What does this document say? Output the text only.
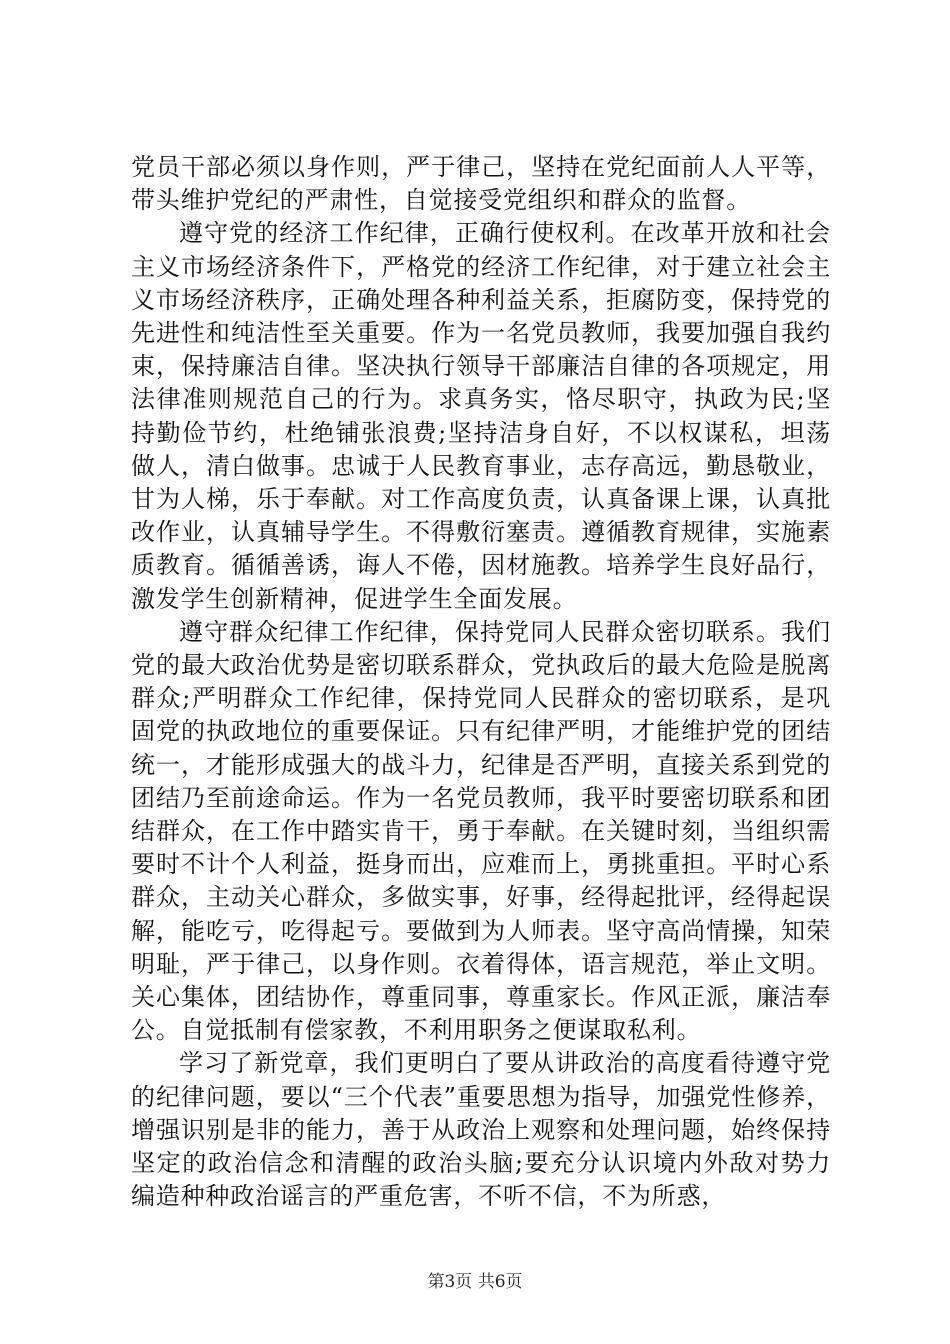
党员干部必须以身作则，严于律己，坚持在党纪面前人人平等，带头维护党纪的严肃性，自觉接受党组织和群众的监督。

遵守党的经济工作纪律，正确行使权利。在改革开放和社会主义市场经济条件下，严格党的经济工作纪律，对于建立社会主义市场经济秩序，正确处理各种利益关系，拒腐防变，保持党的先进性和纯洁性至关重要。作为一名党员教师，我要加强自我约束，保持廉洁自律。坚决执行领导干部廉洁自律的各项规定，用法律准则规范自己的行为。求真务实，恪尽职守，执政为民;坚持勤俭节约，杜绝铺张浪费;坚持洁身自好，不以权谋私，坦荡做人，清白做事。忠诚于人民教育事业，志存高远，勤恳敬业，甘为人梯，乐于奉献。对工作高度负责，认真备课上课，认真批改作业，认真辅导学生。不得敷衍塞责。遵循教育规律，实施素质教育。循循善诱，诲人不倦，因材施教。培养学生良好品行，激发学生创新精神，促进学生全面发展。

遵守群众纪律工作纪律，保持党同人民群众密切联系。我们党的最大政治优势是密切联系群众，党执政后的最大危险是脱离群众;严明群众工作纪律，保持党同人民群众的密切联系，是巩固党的执政地位的重要保证。只有纪律严明，才能维护党的团结统一，才能形成强大的战斗力，纪律是否严明，直接关系到党的团结乃至前途命运。作为一名党员教师，我平时要密切联系和团结群众，在工作中踏实肯干，勇于奉献。在关键时刻，当组织需要时不计个人利益，挺身而出，应难而上，勇挑重担。平时心系群众，主动关心群众，多做实事，好事，经得起批评，经得起误解，能吃亏，吃得起亏。要做到为人师表。坚守高尚情操，知荣明耻，严于律己，以身作则。衣着得体，语言规范，举止文明。关心集体，团结协作，尊重同事，尊重家长。作风正派，廉洁奉公。自觉抵制有偿家教，不利用职务之便谋取私利。

学习了新党章，我们更明白了要从讲政治的高度看待遵守党的纪律问题，要以“三个代表”重要思想为指导，加强党性修养，增强识别是非的能力，善于从政治上观察和处理问题，始终保持坚定的政治信念和清醒的政治头脑;要充分认识境内外敌对势力编造种种政治谣言的严重危害，不听不信，不为所惑，

第3页 共6页
